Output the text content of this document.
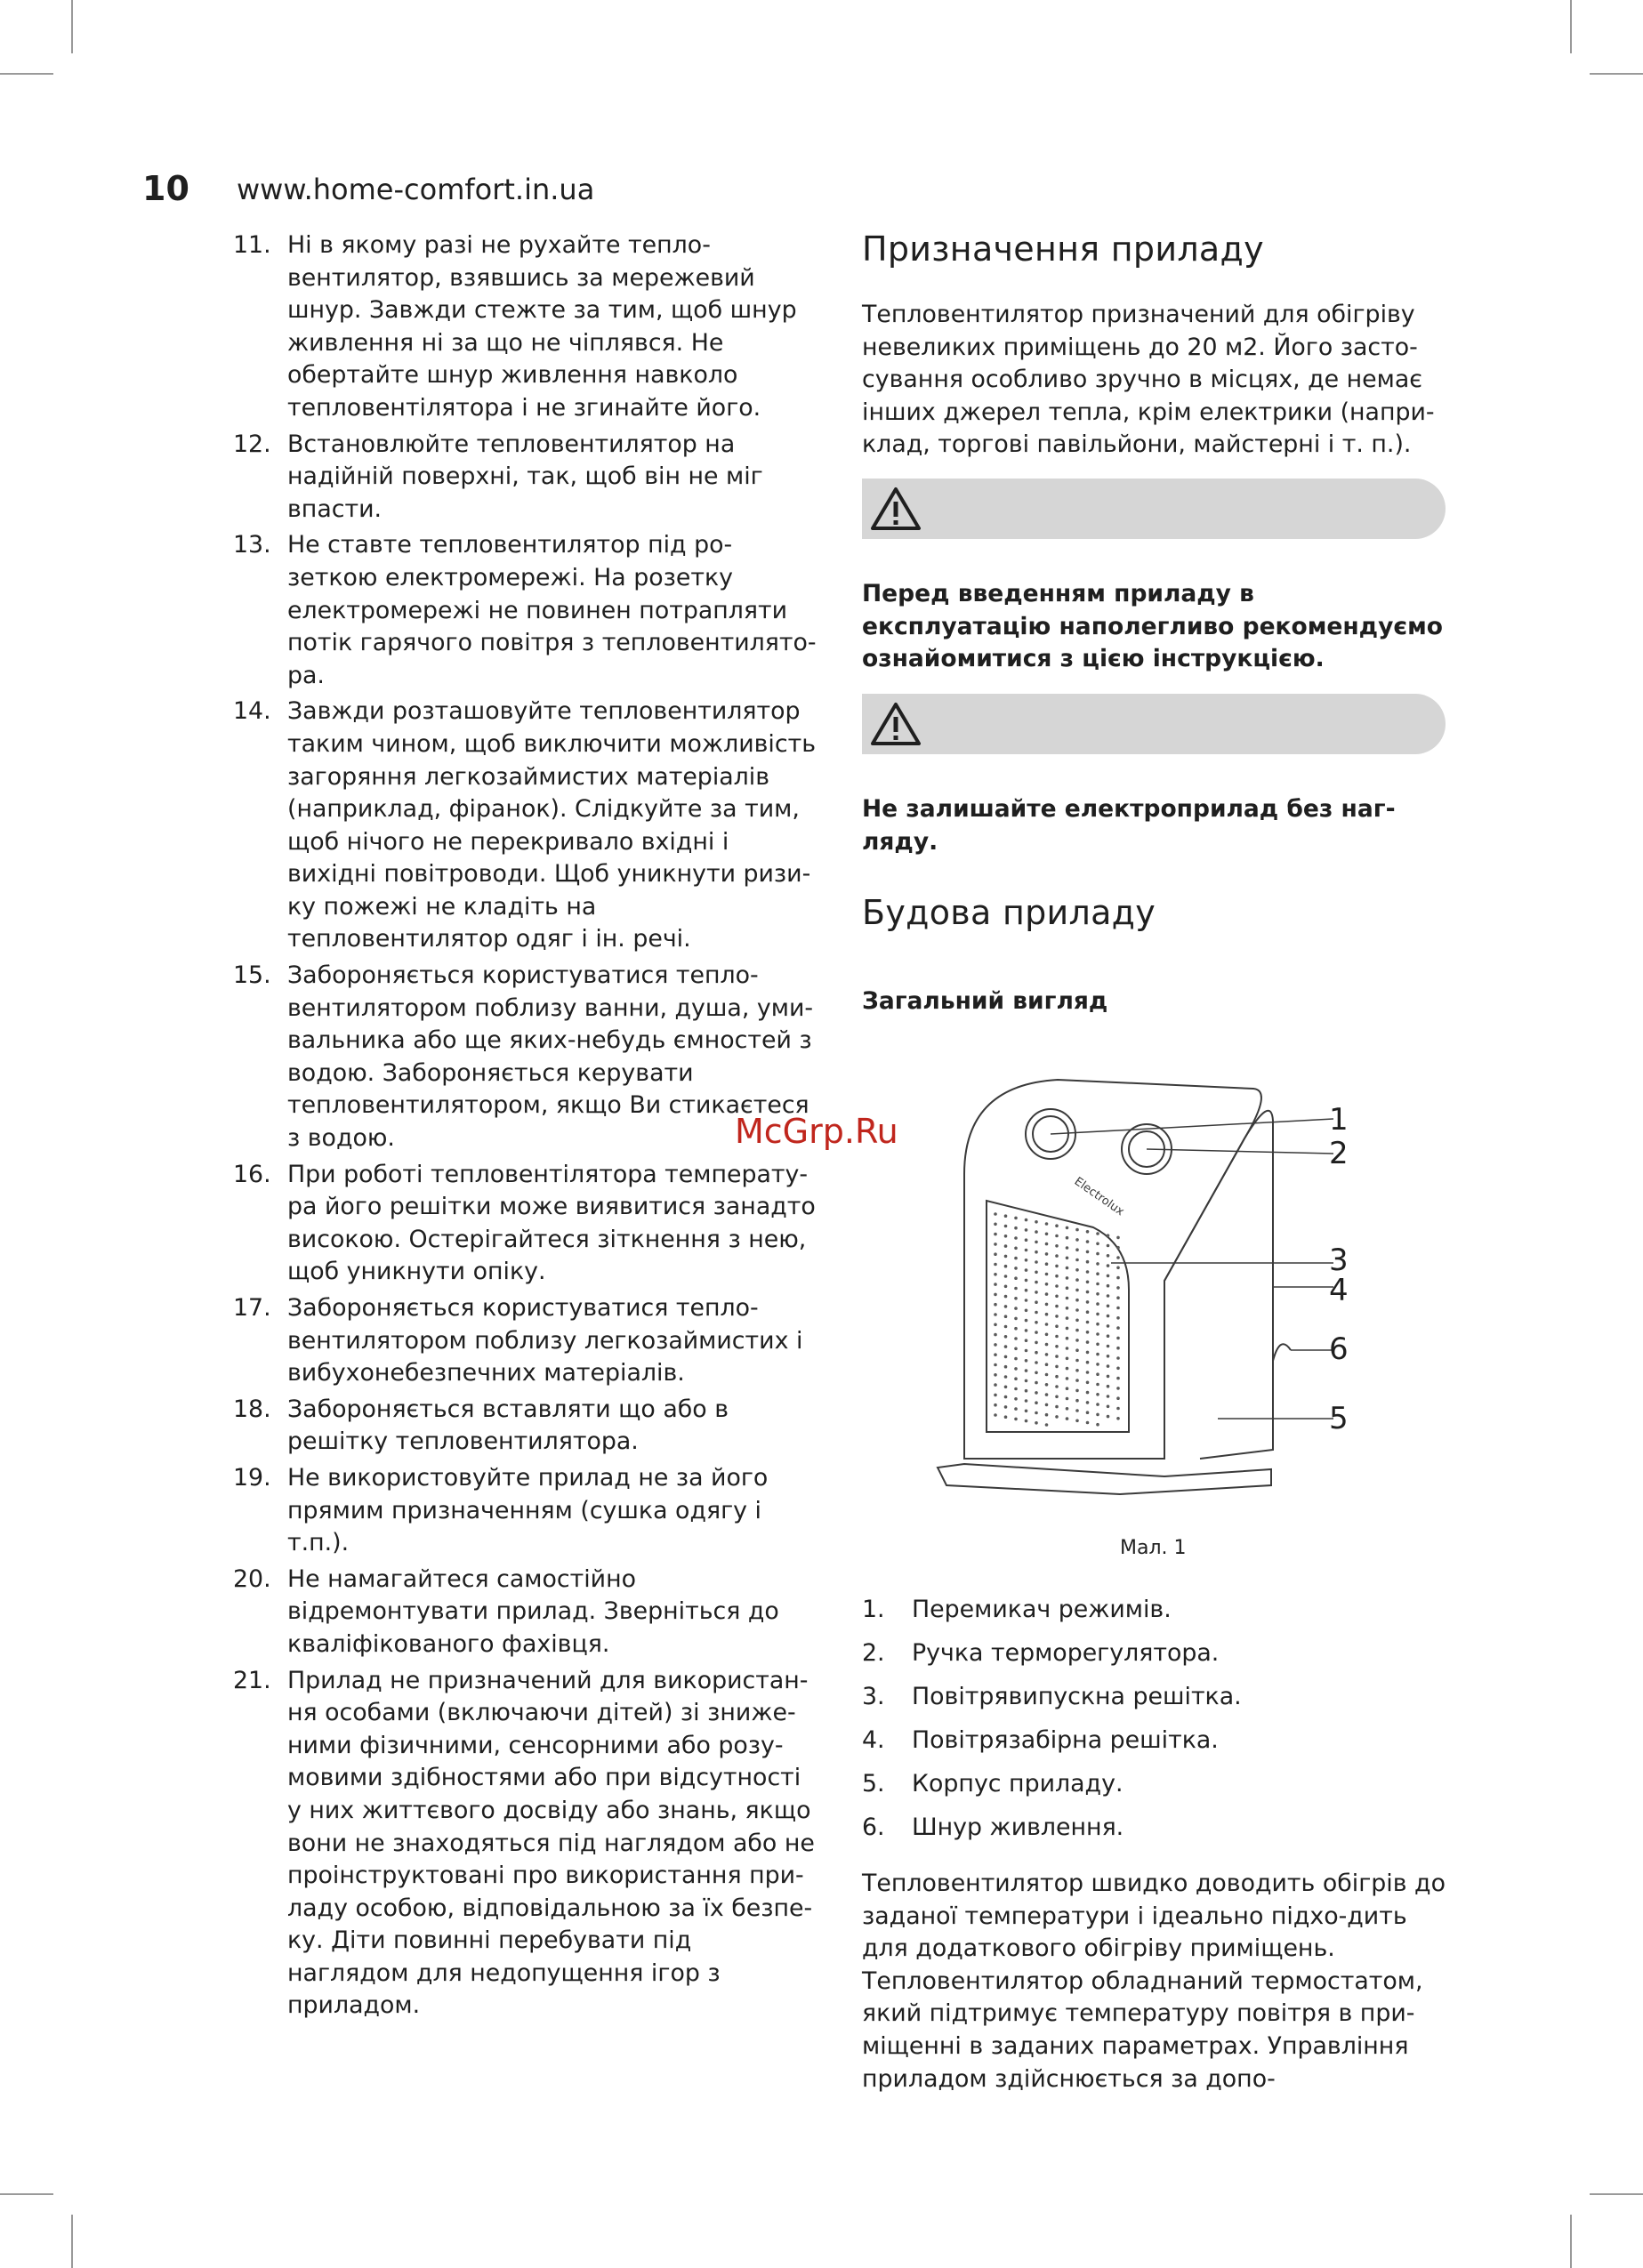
10 www.home-comfort.in.ua
11. Ні в якому разі не рухайте тепло-вентилятор, взявшись за мережевий шнур. Завжди стежте за тим, щоб шнур живлення ні за що не чіплявся. Не обертайте шнур живлення навколо тепловентілятора і не згинайте його.
12. Встановлюйте тепловентилятор на надійній поверхні, так, щоб він не міг впасти.
13. Не ставте тепловентилятор під ро-зеткою електромережі. На розетку електромережі не повинен потрапляти потік гарячого повітря з тепловентилято-ра.
14. Завжди розташовуйте тепловентилятор таким чином, щоб виключити можливість загоряння легкозаймистих матеріалів (наприклад, фіранок). Слідкуйте за тим, щоб нічого не перекривало вхідні і вихідні повітроводи. Щоб уникнути ризи-ку пожежі не кладіть на тепловентилятор одяг і ін. речі.
15. Забороняється користуватися тепло-вентилятором поблизу ванни, душа, уми-вальника або ще яких-небудь ємностей з водою. Забороняється керувати тепловентилятором, якщо Ви стикаєтеся з водою.
16. При роботі тепловентілятора температу-ра його решітки може виявитися занадто високою. Остерігайтеся зіткнення з нею, щоб уникнути опіку.
17. Забороняється користуватися тепло-вентилятором поблизу легкозаймистих і вибухонебезпечних матеріалів.
18. Забороняється вставляти що або в решітку тепловентилятора.
19. Не використовуйте прилад не за його прямим призначенням (сушка одягу і т.п.).
20. Не намагайтеся самостійно відремонтувати прилад. Зверніться до кваліфікованого фахівця.
21. Прилад не призначений для використан-ня особами (включаючи дітей) зі знижe-ними фізичними, сенсорними або розу-мовими здібностями або при відсутності у них життєвого досвіду або знань, якщо вони не знаходяться під наглядом або не проінструктовані про використання при-ладу особою, відповідальною за їх безпе-ку. Діти повинні перебувати під наглядом для недопущення ігор з приладом.
Призначення приладу

Тепловентилятор призначений для обігріву невеликих приміщень до 20 м2. Його засто-сування особливо зручно в місцях, де немає інших джерел тепла, крім електрики (напри-клад, торгові павільйони, майстерні і т. п.).

Перед введенням приладу в експлуатацію наполегливо рекомендуємо ознайомитися з цією інструкцією.

Не залишайте електроприлад без наг-ляду.

Будова приладу
Загальний вигляд
Electrolux
1
2
3
4
6
5
Мал. 1
1.	Перемикач режимів.
2.	Ручка терморегулятора.
3.	Повітрявипускна решітка.
4.	Повітрязабірна решітка.
5.	Корпус приладу.
6.	Шнур живлення.

Тепловентилятор швидко доводить обігрів до заданої температури і ідеально підхо-дить для додаткового обігріву приміщень. Тепловентилятор обладнаний термостатом, який підтримує температуру повітря в при-міщенні в заданих параметрах. Управління приладом здійснюється за допо-

McGrp.Ru
